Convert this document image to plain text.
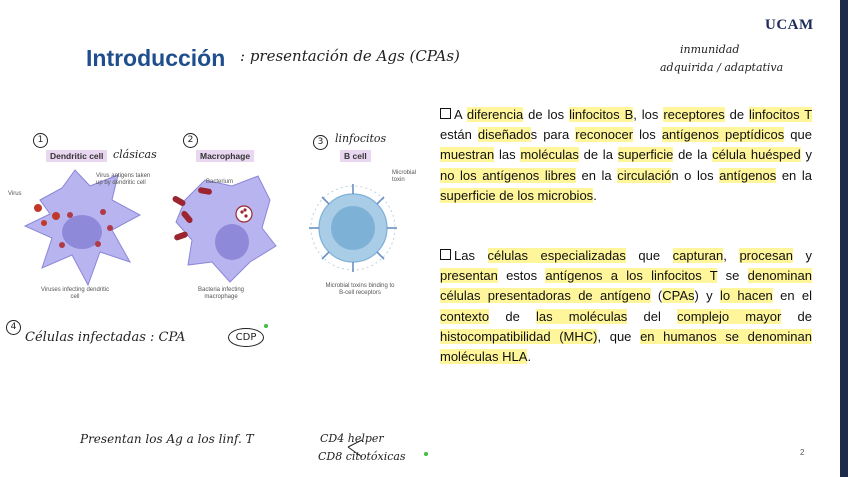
UCAM
Introducción : presentación de Ags (CPAs)	inmunidad
adquirida / adaptativa
1	2	3
Dendritic cell	Macrophage	B cell
clásicas
linfocitos
Virus
Virus antigens taken up by dendritic cell	Bacterium
Microbial toxin
Viruses infecting dendritic cell
Bacteria infecting macrophage
Microbial toxins binding to B-cell receptors
4
Células infectadas : CPA	CDP
Presentan los Ag a los linf. T	CD4 helper
CD8 citotóxicas
A diferencia de los linfocitos B, los receptores de linfocitos T están diseñados para reconocer los antígenos peptídicos que muestran las moléculas de la superficie de la célula huésped y no los antígenos libres en la circulación o los antígenos en la superficie de los microbios.
Las células especializadas que capturan, procesan y presentan estos antígenos a los linfocitos T se denominan células presentadoras de antígeno (CPAs) y lo hacen en el contexto de las moléculas del complejo mayor de histocompatibilidad (MHC), que en humanos se denominan moléculas HLA.
2
